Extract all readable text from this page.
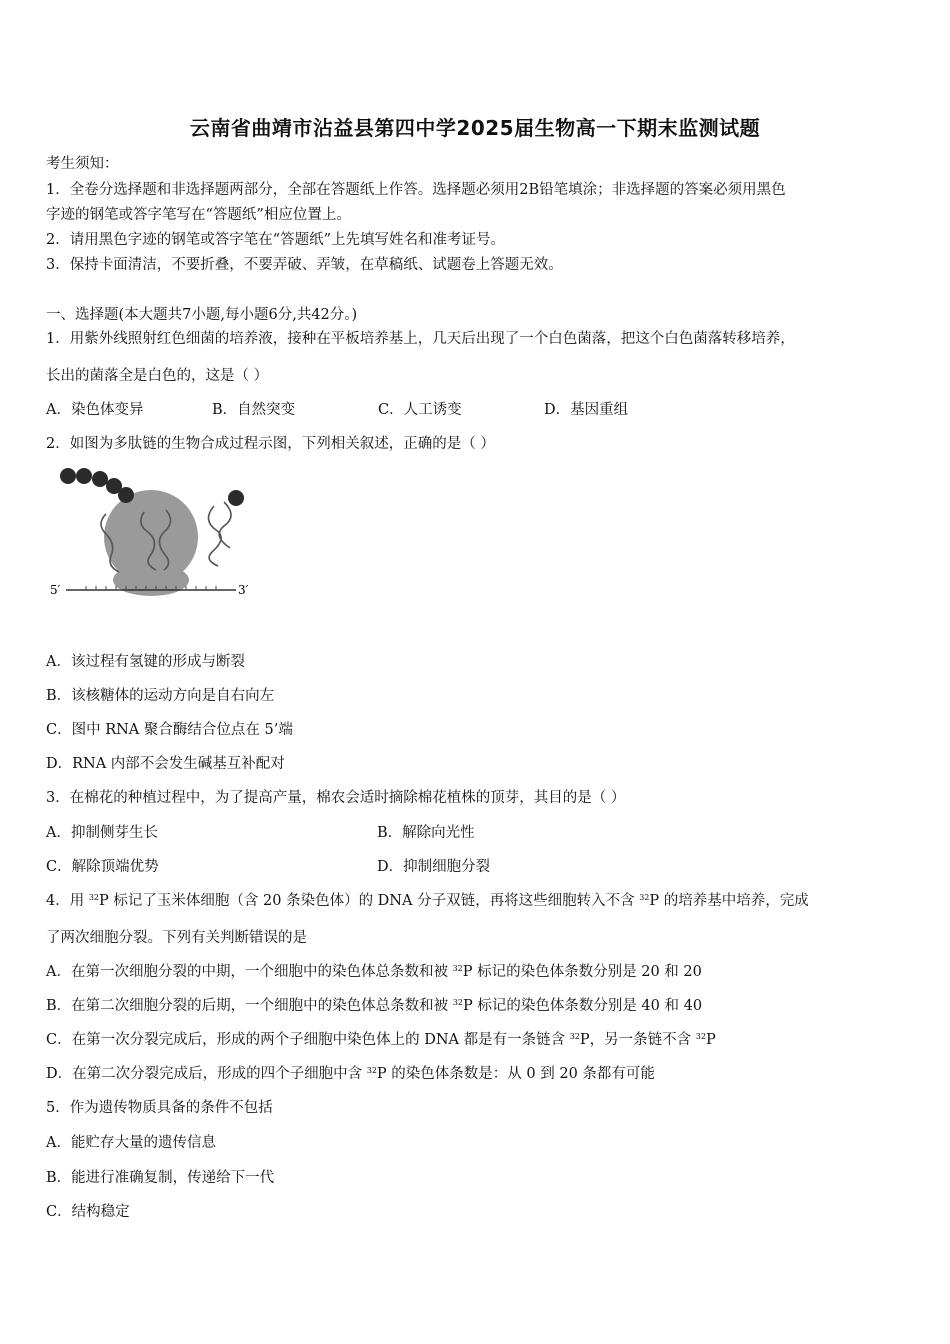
云南省曲靖市沾益县第四中学2025届生物高一下期末监测试题
考生须知：
1．全卷分选择题和非选择题两部分，全部在答题纸上作答。选择题必须用2B铅笔填涂；非选择题的答案必须用黑色
字迹的钢笔或答字笔写在“答题纸”相应位置上。
2．请用黑色字迹的钢笔或答字笔在“答题纸”上先填写姓名和准考证号。
3．保持卡面清洁，不要折叠，不要弄破、弄皱，在草稿纸、试题卷上答题无效。
一、选择题(本大题共7小题,每小题6分,共42分。)
1．用紫外线照射红色细菌的培养液，接种在平板培养基上，几天后出现了一个白色菌落，把这个白色菌落转移培养，
长出的菌落全是白色的，这是（ ）
A．染色体变异	B．自然突变	C．人工诱变	D．基因重组
2．如图为多肽链的生物合成过程示图，下列相关叙述，正确的是（ ）
5′	3′
A．该过程有氢键的形成与断裂
B．该核糖体的运动方向是自右向左
C．图中 RNA 聚合酶结合位点在 5’端
D．RNA 内部不会发生碱基互补配对
3．在棉花的种植过程中，为了提高产量，棉农会适时摘除棉花植株的顶芽，其目的是（ ）
A．抑制侧芽生长	B．解除向光性
C．解除顶端优势	D．抑制细胞分裂
4．用 $^{32}$P 标记了玉米体细胞（含 20 条染色体）的 DNA 分子双链，再将这些细胞转入不含 $^{32}$P 的培养基中培养，完成
了两次细胞分裂。下列有关判断错误的是
A．在第一次细胞分裂的中期，一个细胞中的染色体总条数和被 $^{32}$P 标记的染色体条数分别是 20 和 20
B．在第二次细胞分裂的后期，一个细胞中的染色体总条数和被 $^{32}$P 标记的染色体条数分别是 40 和 40
C．在第一次分裂完成后，形成的两个子细胞中染色体上的 DNA 都是有一条链含 $^{32}$P，另一条链不含 $^{32}$P
D．在第二次分裂完成后，形成的四个子细胞中含 $^{32}$P 的染色体条数是：从 0 到 20 条都有可能
5．作为遗传物质具备的条件不包括
A．能贮存大量的遗传信息
B．能进行准确复制，传递给下一代
C．结构稳定
